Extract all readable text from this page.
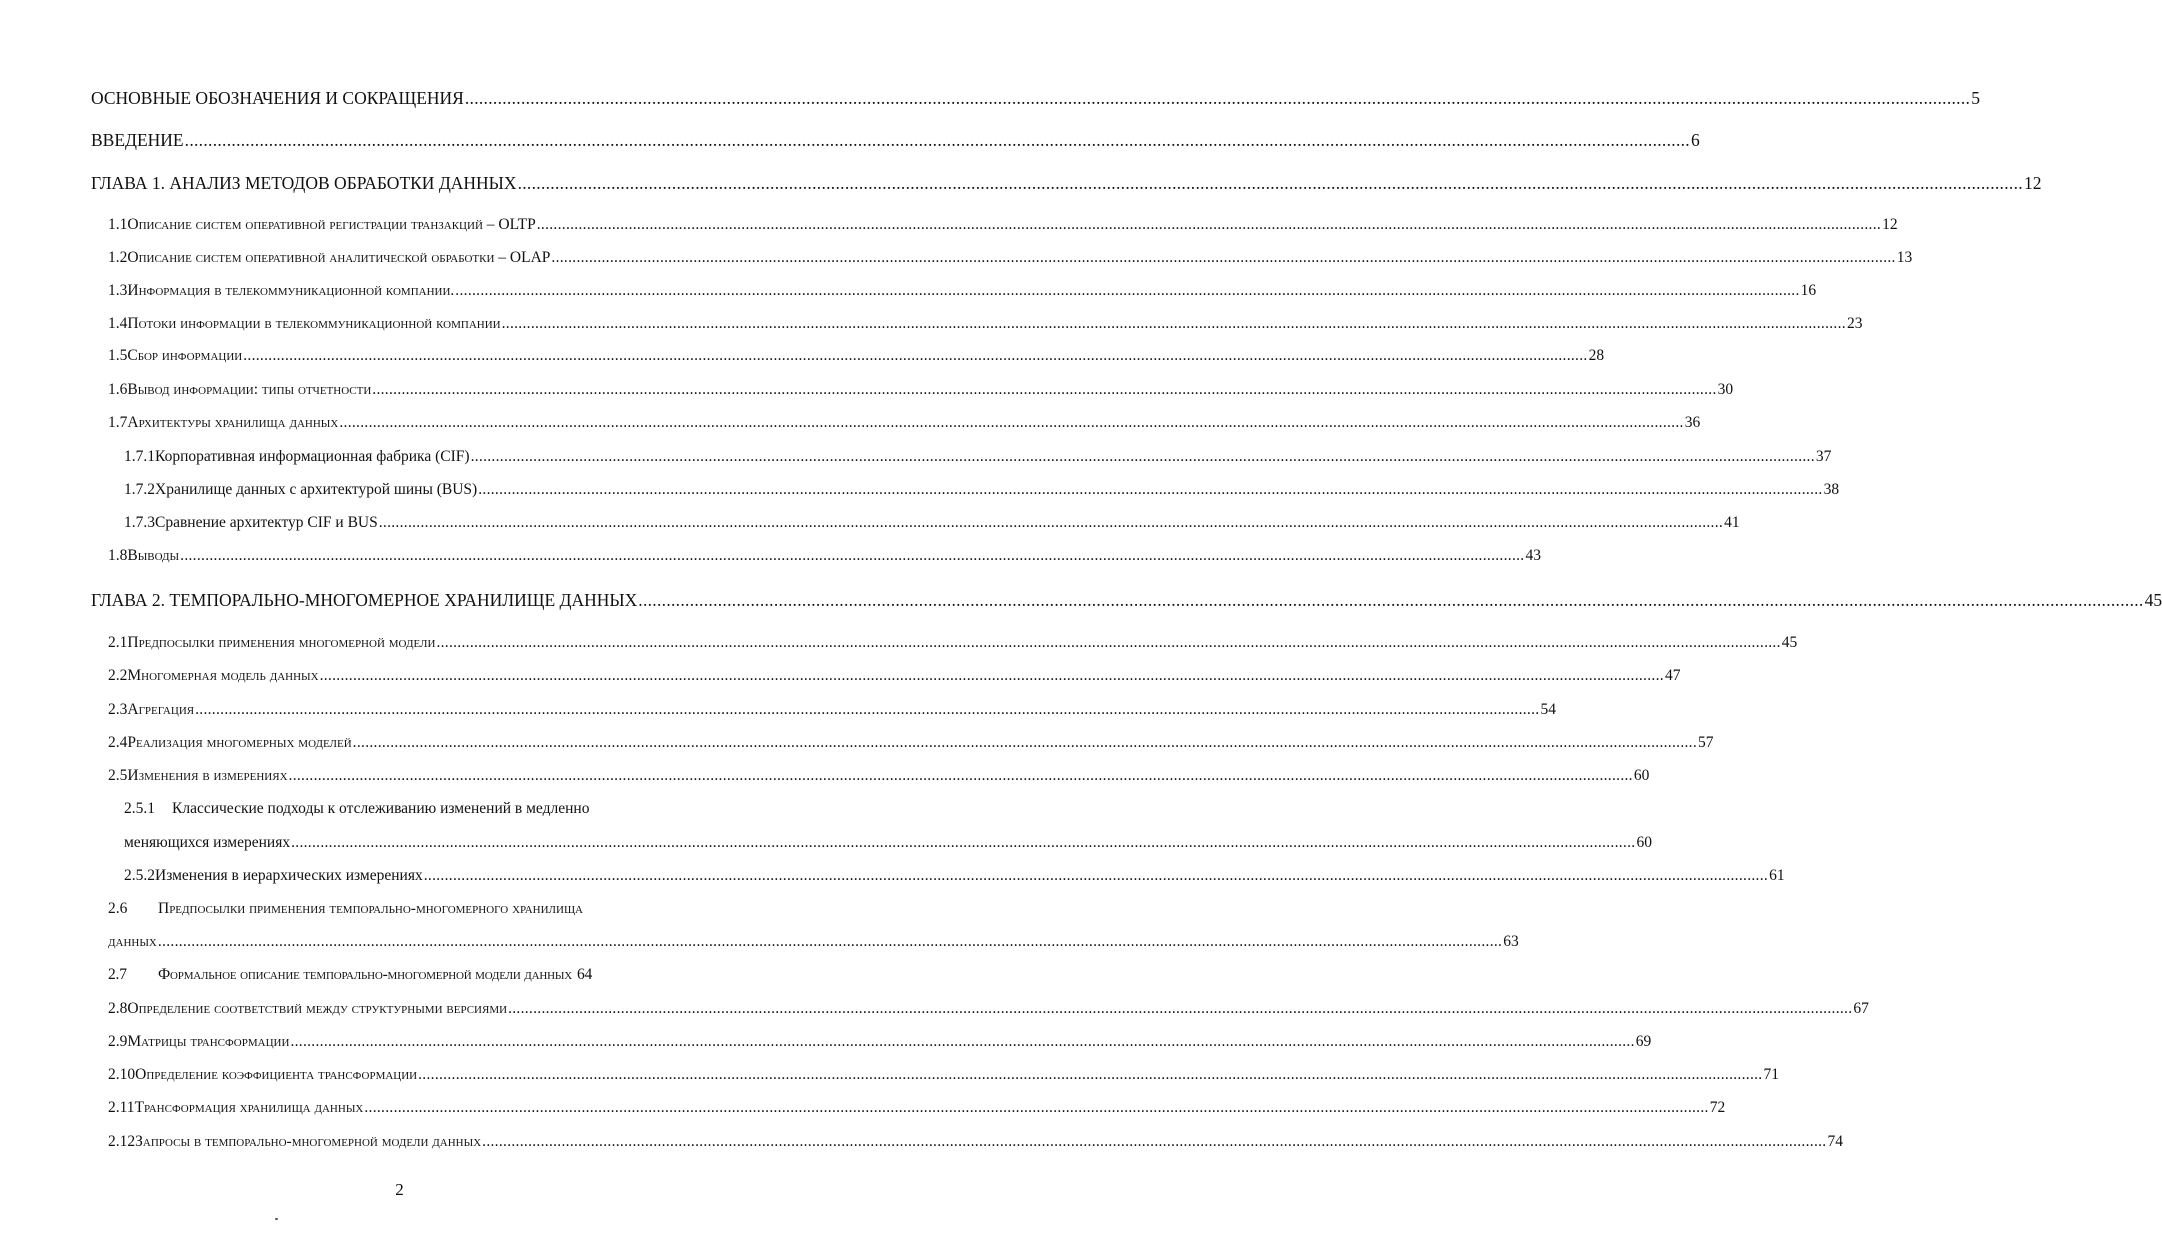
ОСНОВНЫЕ ОБОЗНАЧЕНИЯ И СОКРАЩЕНИЯ .....	5
ВВЕДЕНИЕ .....	6
ГЛАВА 1. АНАЛИЗ МЕТОДОВ ОБРАБОТКИ ДАННЫХ .....	12
1.1 Описание систем оперативной регистрации транзакций – OLTP .....	12
1.2 Описание систем оперативной аналитической обработки – OLAP .....	13
1.3 Информация в телекоммуникационной компании. .....	16
1.4 Потоки информации в телекоммуникационной компании .....	23
1.5 Сбор информации .....	28
1.6 Вывод информации: типы отчетности .....	30
1.7 Архитектуры хранилища данных .....	36
1.7.1 Корпоративная информационная фабрика (CIF) .....	37
1.7.2 Хранилище данных с архитектурой шины (BUS) .....	38
1.7.3 Сравнение архитектур CIF и BUS .....	41
1.8 Выводы .....	43
ГЛАВА 2. ТЕМПОРАЛЬНО-МНОГОМЕРНОЕ ХРАНИЛИЩЕ ДАННЫХ .....	45
2.1 Предпосылки применения многомерной модели .....	45
2.2 Многомерная модель данных .....	47
2.3 Агрегация .....	54
2.4 Реализация многомерных моделей .....	57
2.5 Изменения в измерениях .....	60
2.5.1 Классические подходы к отслеживанию изменений в медленно
меняющихся измерениях .....	60
2.5.2 Изменения в иерархических измерениях .....	61
2.6 Предпосылки применения темпорально-многомерного хранилища
данных .....	63
2.7	Формальное описание темпорально-многомерной модели данных 64
2.8 Определение соответствий между структурными версиями .....	67
2.9 Матрицы трансформации .....	69
2.10 Определение коэффициента трансформации .....	71
2.11 Трансформация хранилища данных .....	72
2.12 Запросы в темпорально-многомерной модели данных .....	74
2
